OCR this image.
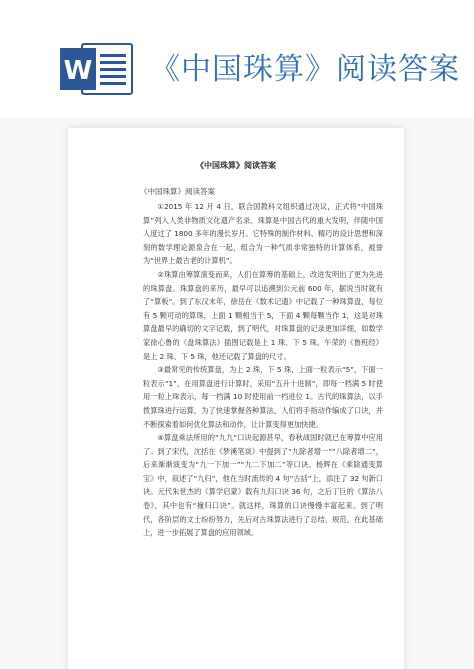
W 《中国珠算》阅读答案
《中国珠算》阅读答案
《中国珠算》阅读答案

①2015 年 12 月 4 日，联合国教科文组织通过决议，正式将“中国珠算”列入人类非物质文化遗产名录。珠算是中国古代的重大发明，伴随中国人度过了 1800 多年的漫长岁月。它特殊的制作材料、精巧的设计思想和深刻的数学理论源泉合在一起，组合为一种气质非常独特的计算体系，被誉为“世界上最古老的计算机”。

②珠算由筹算演变而来，人们在算筹的基础上，改进发明出了更为先进的珠算盘。珠算盘的来历，最早可以追溯到公元前 600 年，据说当时就有了“算板”。到了东汉末年，徐岳在《数术记遗》中记载了一种珠算盘，每位有 5 颗可动的算珠，上面 1 颗相当于 5，下面 4 颗每颗当作 1，这是对珠算盘最早的确切的文字记载，到了明代，对珠算盘的记录更加详细，如数学家徐心鲁的《盘珠算法》插图记载是上 1 珠、下 5 珠。午荣的《鲁班经》是上 2 珠、下 5 珠，他还记载了算盘的尺寸。

③最常见的传统算盘，为上 2 珠，下 5 珠，上面一粒表示“5”，下面一粒表示“1”，在用算盘进行计算时，采用“五升十进制”，即每一档满 5 时使用一粒上珠表示，每一档满 10 时使用前一档进位 1。古代的珠算法，以手拨算珠进行运算，为了快速掌握各种算法，人们将手指动作编成了口诀，并不断探索着如何优化算法和动作，让计算变得更加快捷。

④算盘乘法所用的“九九”口诀起源甚早，春秋战国时就已在筹算中应用了。到了宋代，沈括在《梦溪笔谈》中提到了“九除者增一”“八除者增二”，后来渐渐演变为“九一下加一”“九二下加二”等口诀。杨辉在《乘除通变算宝》中，叙述了“九归”，他在当时流传的 4 句“古括”上，添注了 32 句新口诀。元代朱世杰的《算学启蒙》载有九归口诀 36 句，之后丁巨的《算法八卷》，其中也有“撞归口诀”。就这样，珠算的口诀慢慢丰富起来。到了明代，各阶层的文士纷纷努力，先后对古珠算法进行了总结、规范，在此基础上，进一步拓展了算盘的应用领域。
